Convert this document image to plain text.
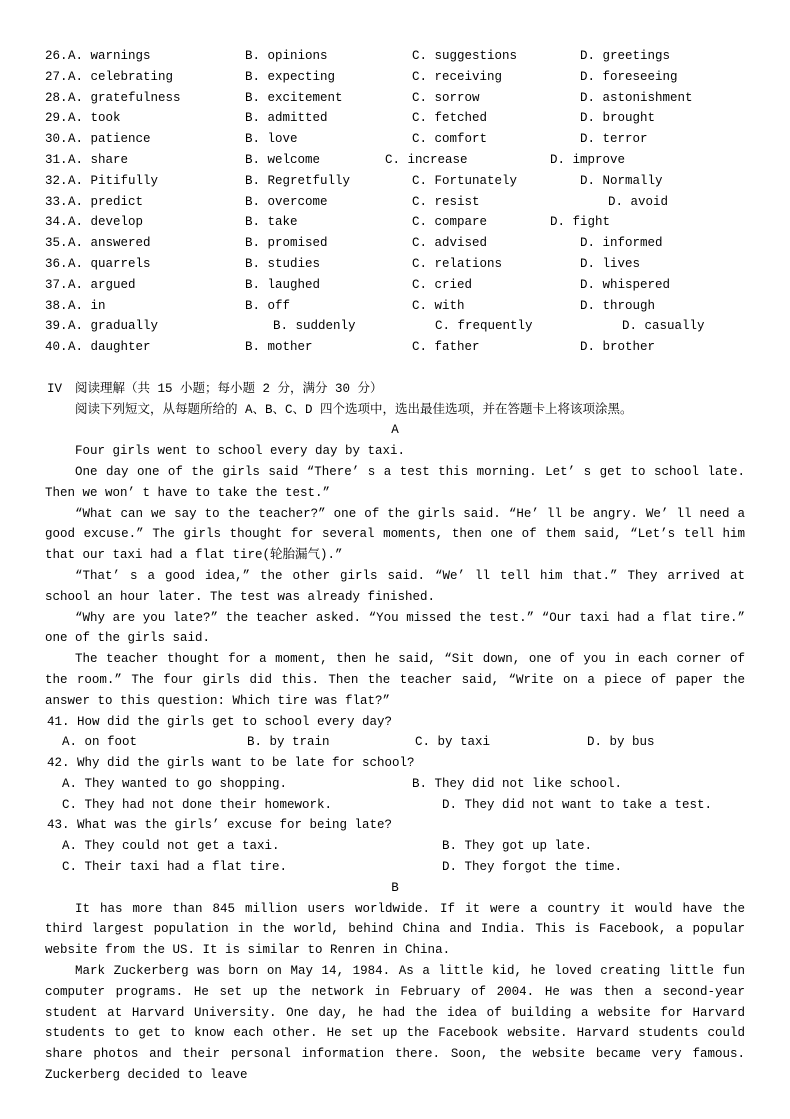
26. A. warnings	B. opinions	C. suggestions	D. greetings
27. A. celebrating	B. expecting	C. receiving	D. foreseeing
28. A. gratefulness	B. excitement	C. sorrow	D. astonishment
29. A. took	B. admitted	C. fetched	D. brought
30. A. patience	B. love	C. comfort	D. terror
31. A. share	B. welcome	C. increase	D. improve
32. A. Pitifully	B. Regretfully	C. Fortunately	D. Normally
33. A. predict	B. overcome	C. resist	D. avoid
34. A. develop	B. take	C. compare	D. fight
35. A. answered	B. promised	C. advised	D. informed
36. A. quarrels	B. studies	C. relations	D. lives
37. A. argued	B. laughed	C. cried	D. whispered
38. A. in	B. off	C. with	D. through
39. A. gradually	B. suddenly	C. frequently	D. casually
40. A. daughter	B. mother	C. father	D. brother
IV 阅读理解（共 15 小题；每小题 2 分，满分 30 分）
阅读下列短文，从每题所给的 A、B、C、D 四个选项中，选出最佳选项，并在答题卡上将该项涂黑。
A

Four girls went to school every day by taxi.

One day one of the girls said “There’ s a test this morning. Let’ s get to school late. Then we won’ t have to take the test.”

“What can we say to the teacher?” one of the girls said. “He’ ll be angry. We’ ll need a good excuse.” The girls thought for several moments, then one of them said, “Let’s tell him that our taxi had a flat tire(轮胎漏气).”

“That’ s a good idea,” the other girls said. “We’ ll tell him that.” They arrived at school an hour later. The test was already finished.

“Why are you late?” the teacher asked. “You missed the test.” “Our taxi had a flat tire.” one of the girls said.

The teacher thought for a moment, then he said, “Sit down, one of you in each corner of the room.” The four girls did this. Then the teacher said, “Write on a piece of paper the answer to this question: Which tire was flat?”

41. How did the girls get to school every day?
A. on foot	B. by train	C. by taxi	D. by bus
42. Why did the girls want to be late for school?
A. They wanted to go shopping.	B. They did not like school.
C. They had not done their homework.	D. They did not want to take a test.
43. What was the girls’ excuse for being late?
A. They could not get a taxi.	B. They got up late.
C. Their taxi had a flat tire.	D. They forgot the time.
B

It has more than 845 million users worldwide. If it were a country it would have the third largest population in the world, behind China and India. This is Facebook, a popular website from the US. It is similar to Renren in China.

Mark Zuckerberg was born on May 14, 1984. As a little kid, he loved creating little fun computer programs. He set up the network in February of 2004. He was then a second-year student at Harvard University. One day, he had the idea of building a website for Harvard students to get to know each other. He set up the Facebook website. Harvard students could share photos and their personal information there. Soon, the website became very famous. Zuckerberg decided to leave
